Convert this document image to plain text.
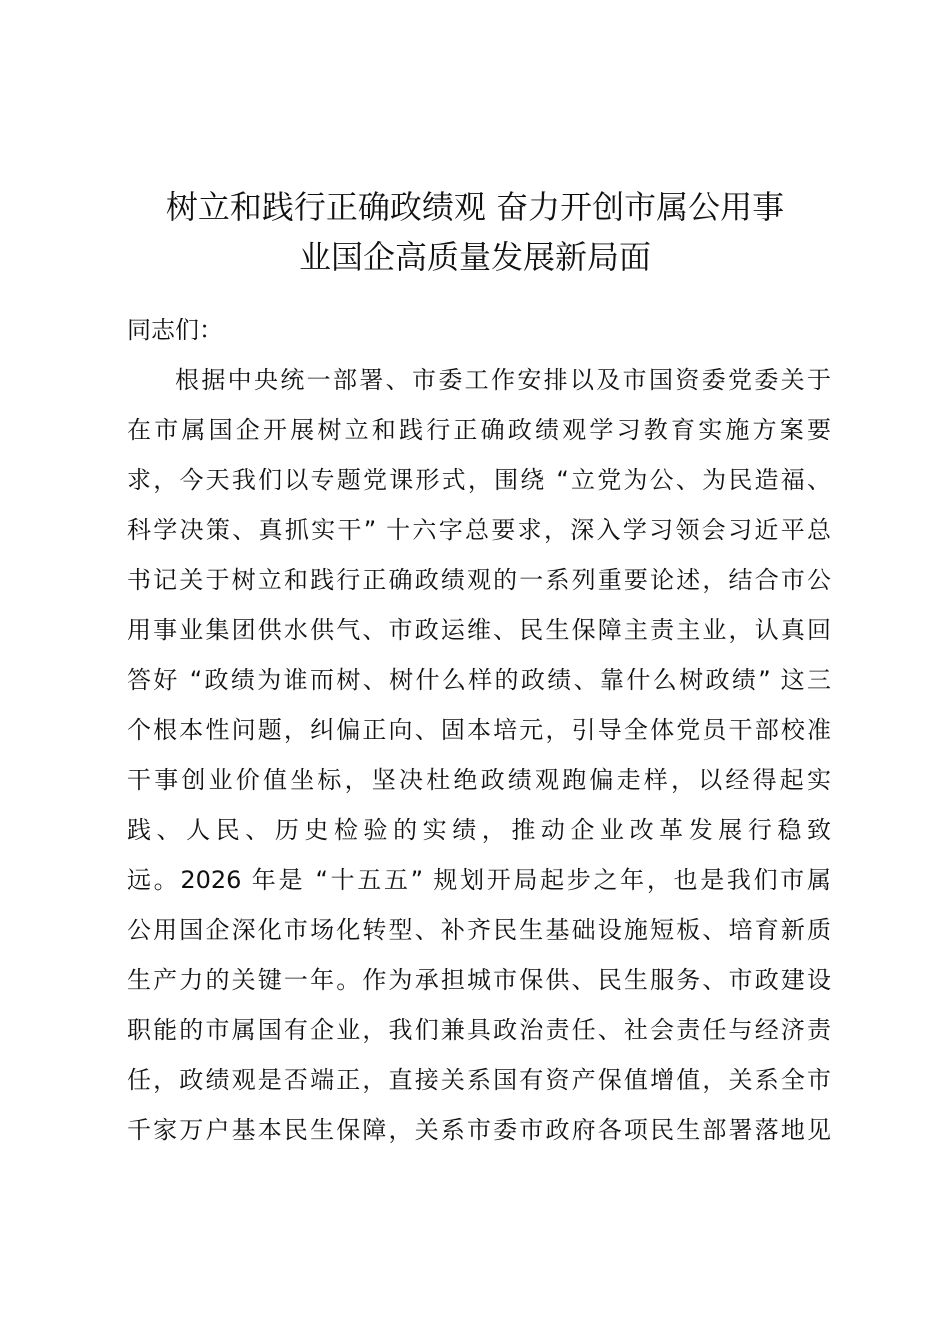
树立和践行正确政绩观 奋力开创市属公用事
业国企高质量发展新局面

同志们：

根据中央统一部署、市委工作安排以及市国资委党委关于
在市属国企开展树立和践行正确政绩观学习教育实施方案要
求，今天我们以专题党课形式，围绕 “立党为公、为民造福、
科学决策、真抓实干” 十六字总要求，深入学习领会习近平总
书记关于树立和践行正确政绩观的一系列重要论述，结合市公
用事业集团供水供气、市政运维、民生保障主责主业，认真回
答好 “政绩为谁而树、树什么样的政绩、靠什么树政绩” 这三
个根本性问题，纠偏正向、固本培元，引导全体党员干部校准
干事创业价值坐标，坚决杜绝政绩观跑偏走样，以经得起实
践、人民、历史检验的实绩，推动企业改革发展行稳致
远。2026 年是 “十五五” 规划开局起步之年，也是我们市属
公用国企深化市场化转型、补齐民生基础设施短板、培育新质
生产力的关键一年。作为承担城市保供、民生服务、市政建设
职能的市属国有企业，我们兼具政治责任、社会责任与经济责
任，政绩观是否端正，直接关系国有资产保值增值，关系全市
千家万户基本民生保障，关系市委市政府各项民生部署落地见
